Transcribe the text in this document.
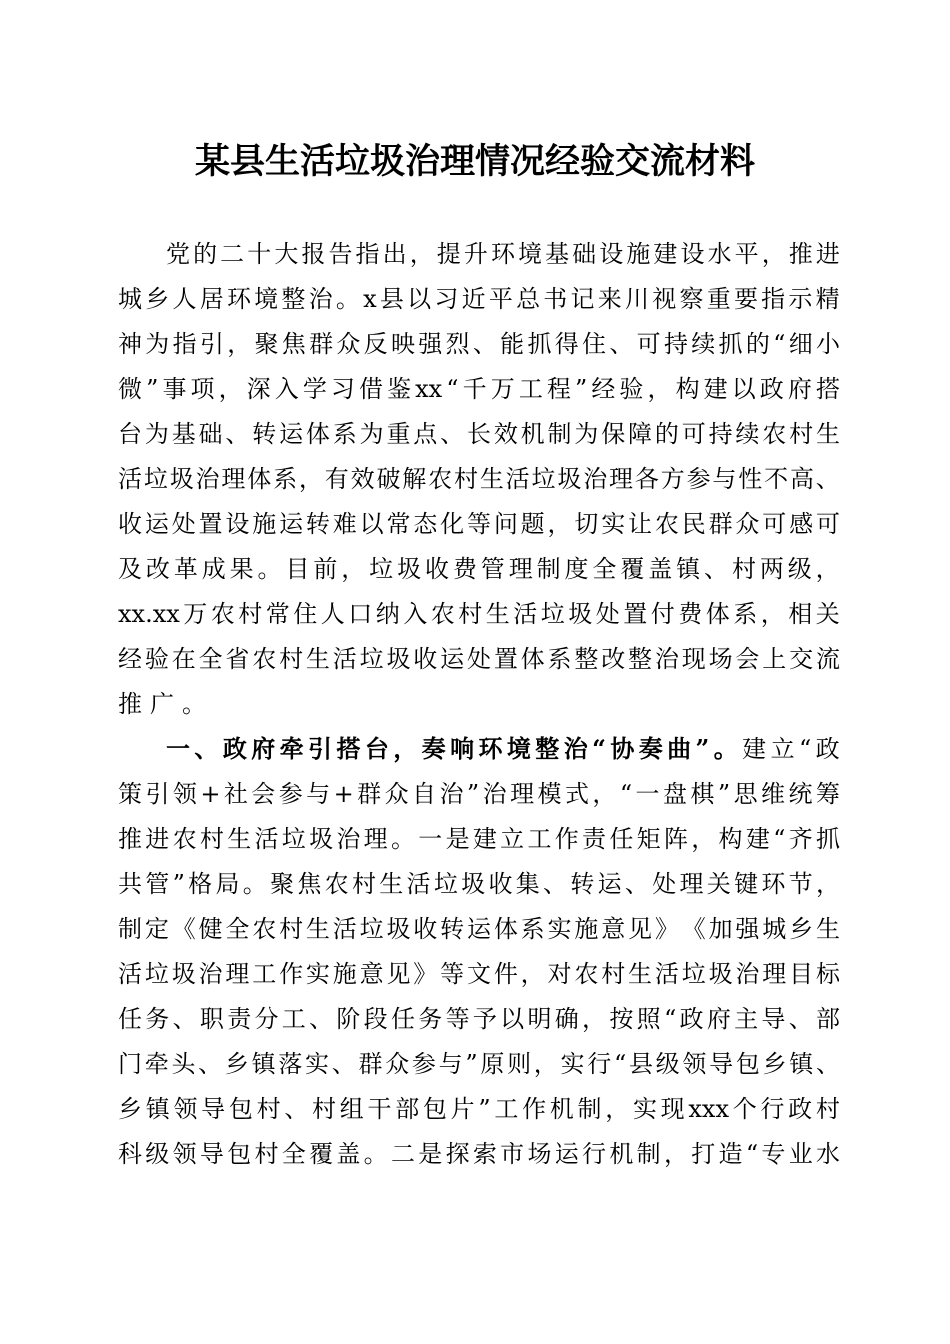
某县生活垃圾治理情况经验交流材料
党 的 二 十 大 报 告 指 出 ， 提 升 环 境 基 础 设 施 建 设 水 平 ， 推 进
城 乡 人 居 环 境 整 治 。 x 县 以 习 近 平 总 书 记 来 川 视 察 重 要 指 示 精
神 为 指 引 ， 聚 焦 群 众 反 映 强 烈 、 能 抓 得 住 、 可 持 续 抓 的 “ 细 小
微 ” 事 项 ， 深 入 学 习 借 鉴 xx “ 千 万 工 程 ” 经 验 ， 构 建 以 政 府 搭
台 为 基 础 、 转 运 体 系 为 重 点 、 长 效 机 制 为 保 障 的 可 持 续 农 村 生
活 垃 圾 治 理 体 系 ， 有 效 破 解 农 村 生 活 垃 圾 治 理 各 方 参 与 性 不 高 、
收 运 处 置 设 施 运 转 难 以 常 态 化 等 问 题 ， 切 实 让 农 民 群 众 可 感 可
及 改 革 成 果 。 目 前 ， 垃 圾 收 费 管 理 制 度 全 覆 盖 镇 、 村 两 级 ，
xx.xx 万 农 村 常 住 人 口 纳 入 农 村 生 活 垃 圾 处 置 付 费 体 系 ， 相 关
经 验 在 全 省 农 村 生 活 垃 圾 收 运 处 置 体 系 整 改 整 治 现 场 会 上 交 流
推 广 。
一 、 政 府 牵 引 搭 台 ， 奏 响 环 境 整 治 “ 协 奏 曲 ” 。 建 立 “ 政
策 引 领 + 社 会 参 与 + 群 众 自 治 ” 治 理 模 式 ， “ 一 盘 棋 ” 思 维 统 筹
推 进 农 村 生 活 垃 圾 治 理 。 一 是 建 立 工 作 责 任 矩 阵 ， 构 建 “ 齐 抓
共 管 ” 格 局 。 聚 焦 农 村 生 活 垃 圾 收 集 、 转 运 、 处 理 关 键 环 节 ，
制 定 《 健 全 农 村 生 活 垃 圾 收 转 运 体 系 实 施 意 见 》 《 加 强 城 乡 生
活 垃 圾 治 理 工 作 实 施 意 见 》 等 文 件 ， 对 农 村 生 活 垃 圾 治 理 目 标
任 务 、 职 责 分 工 、 阶 段 任 务 等 予 以 明 确 ， 按 照 “ 政 府 主 导 、 部
门 牵 头 、 乡 镇 落 实 、 群 众 参 与 ” 原 则 ， 实 行 “ 县 级 领 导 包 乡 镇 、
乡 镇 领 导 包 村 、 村 组 干 部 包 片 ” 工 作 机 制 ， 实 现 xxx 个 行 政 村
科 级 领 导 包 村 全 覆 盖 。 二 是 探 索 市 场 运 行 机 制 ， 打 造 “ 专 业 水
